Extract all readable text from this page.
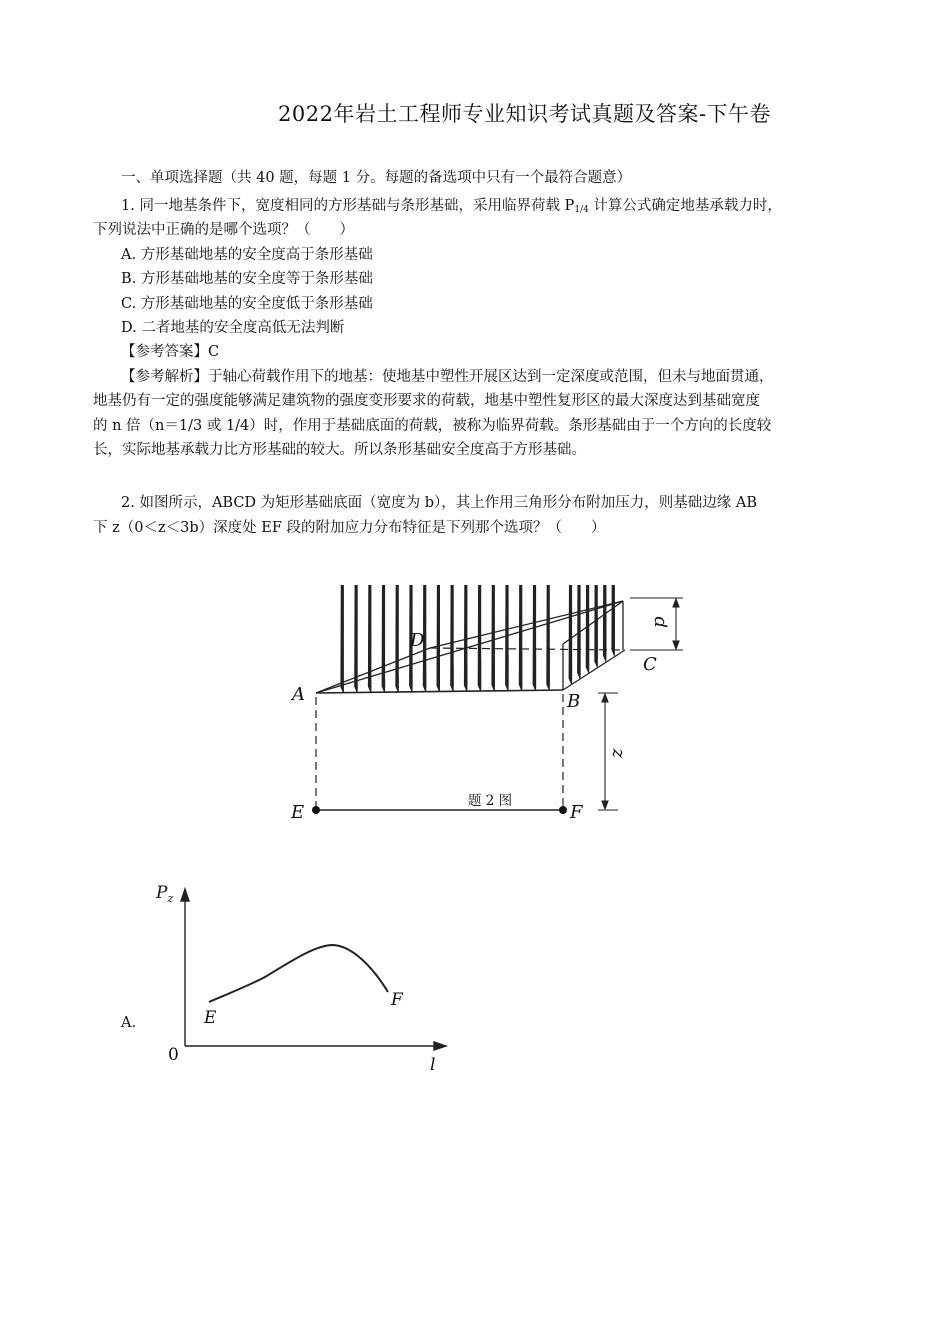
2022年岩土工程师专业知识考试真题及答案-下午卷
一、单项选择题（共 40 题，每题 1 分。每题的备选项中只有一个最符合题意）
1. 同一地基条件下，宽度相同的方形基础与条形基础，采用临界荷载 $P_{1/4}$ 计算公式确定地基承载力时，
下列说法中正确的是哪个选项？（　　）
A. 方形基础地基的安全度高于条形基础
B. 方形基础地基的安全度等于条形基础
C. 方形基础地基的安全度低于条形基础
D. 二者地基的安全度高低无法判断
【参考答案】C
【参考解析】于轴心荷载作用下的地基：使地基中塑性开展区达到一定深度或范围，但未与地面贯通，
地基仍有一定的强度能够满足建筑物的强度变形要求的荷载，地基中塑性复形区的最大深度达到基础宽度
的 n 倍（n＝1/3 或 1/4）时，作用于基础底面的荷载，被称为临界荷载。条形基础由于一个方向的长度较
长，实际地基承载力比方形基础的较大。所以条形基础安全度高于方形基础。
2. 如图所示，ABCD 为矩形基础底面（宽度为 b），其上作用三角形分布附加压力，则基础边缘 AB
下 z（0＜z＜3b）深度处 EF 段的附加应力分布特征是下列那个选项？（　　）
A
D
B
C
E	F
p
z
题 2 图
A.
$P_z$
0	l
E
F
